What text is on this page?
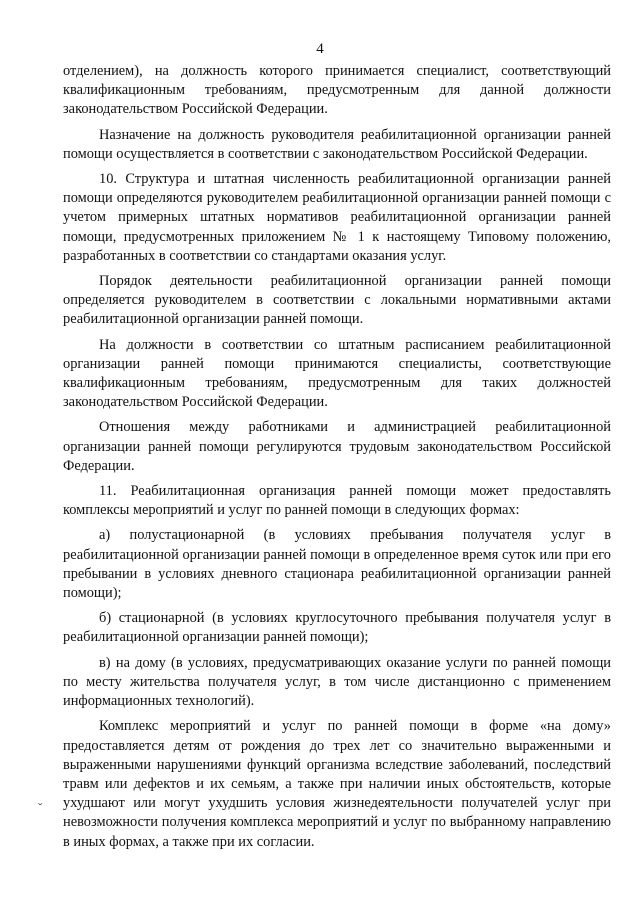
4

отделением), на должность которого принимается специалист, соответствующий квалификационным требованиям, предусмотренным для данной должности законодательством Российской Федерации.

Назначение на должность руководителя реабилитационной организации ранней помощи осуществляется в соответствии с законодательством Российской Федерации.

10. Структура и штатная численность реабилитационной организации ранней помощи определяются руководителем реабилитационной организации ранней помощи с учетом примерных штатных нормативов реабилитационной организации ранней помощи, предусмотренных приложением № 1 к настоящему Типовому положению, разработанных в соответствии со стандартами оказания услуг.

Порядок деятельности реабилитационной организации ранней помощи определяется руководителем в соответствии с локальными нормативными актами реабилитационной организации ранней помощи.

На должности в соответствии со штатным расписанием реабилитационной организации ранней помощи принимаются специалисты, соответствующие квалификационным требованиям, предусмотренным для таких должностей законодательством Российской Федерации.

Отношения между работниками и администрацией реабилитационной организации ранней помощи регулируются трудовым законодательством Российской Федерации.

11. Реабилитационная организация ранней помощи может предоставлять комплексы мероприятий и услуг по ранней помощи в следующих формах:

а) полустационарной (в условиях пребывания получателя услуг в реабилитационной организации ранней помощи в определенное время суток или при его пребывании в условиях дневного стационара реабилитационной организации ранней помощи);

б) стационарной (в условиях круглосуточного пребывания получателя услуг в реабилитационной организации ранней помощи);

в) на дому (в условиях, предусматривающих оказание услуги по ранней помощи по месту жительства получателя услуг, в том числе дистанционно с применением информационных технологий).

Комплекс мероприятий и услуг по ранней помощи в форме «на дому» предоставляется детям от рождения до трех лет со значительно выраженными и выраженными нарушениями функций организма вследствие заболеваний, последствий травм или дефектов и их семьям, а также при наличии иных обстоятельств, которые ухудшают или могут ухудшить условия жизнедеятельности получателей услуг при невозможности получения комплекса мероприятий и услуг по выбранному направлению в иных формах, а также при их согласии.

ˇ
